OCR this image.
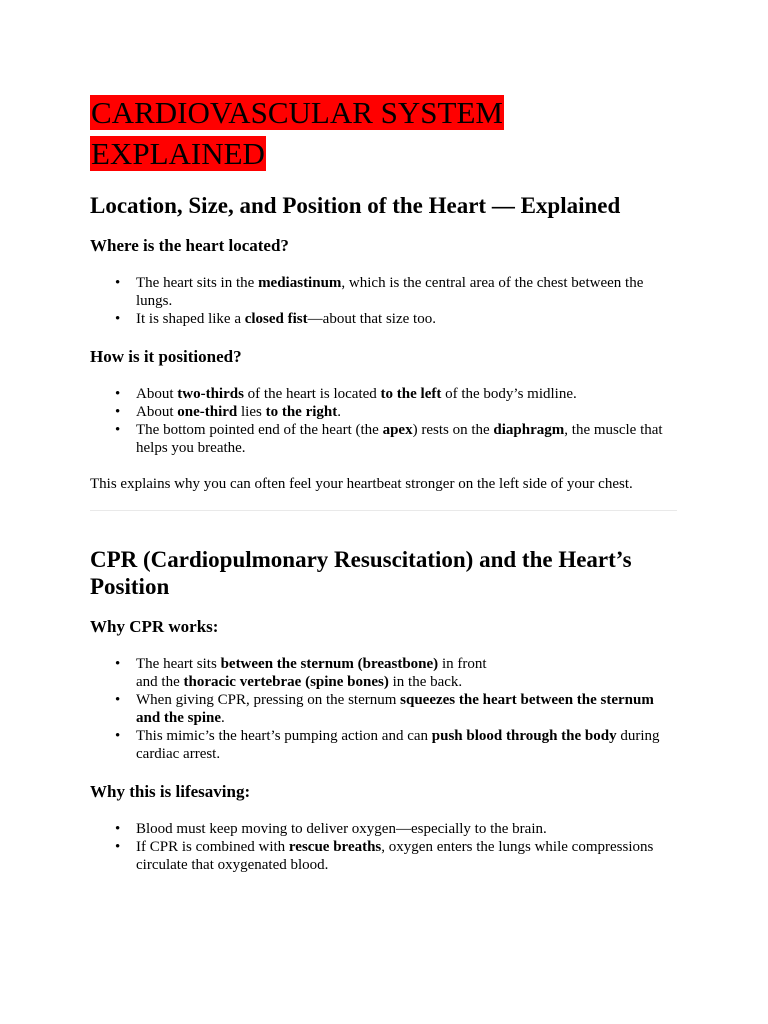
CARDIOVASCULAR SYSTEM
EXPLAINED
Location, Size, and Position of the Heart — Explained
Where is the heart located?
• The heart sits in the mediastinum, which is the central area of the chest between the lungs.
• It is shaped like a closed fist—about that size too.
How is it positioned?
• About two-thirds of the heart is located to the left of the body’s midline.
• About one-third lies to the right.
• The bottom pointed end of the heart (the apex) rests on the diaphragm, the muscle that helps you breathe.

This explains why you can often feel your heartbeat stronger on the left side of your chest.

CPR (Cardiopulmonary Resuscitation) and the Heart’s Position
Why CPR works:
• The heart sits between the sternum (breastbone) in front
and the thoracic vertebrae (spine bones) in the back.
• When giving CPR, pressing on the sternum squeezes the heart between the sternum and the spine.
• This mimic’s the heart’s pumping action and can push blood through the body during cardiac arrest.
Why this is lifesaving:
• Blood must keep moving to deliver oxygen—especially to the brain.
• If CPR is combined with rescue breaths, oxygen enters the lungs while compressions circulate that oxygenated blood.
